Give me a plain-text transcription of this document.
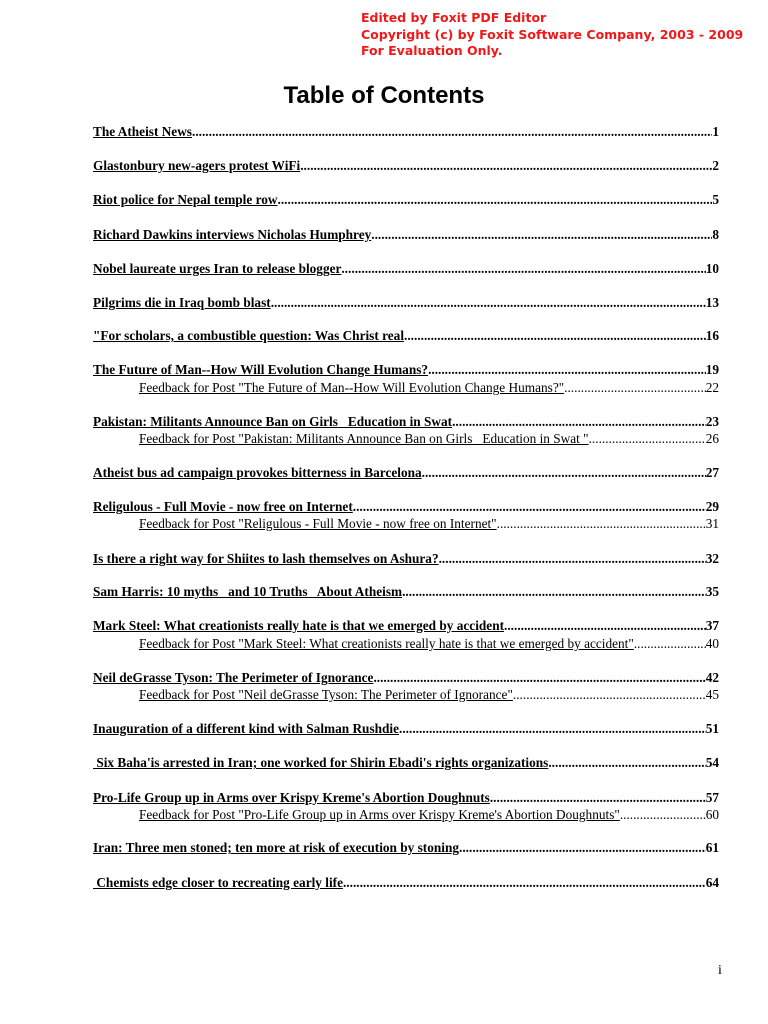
Edited by Foxit PDF Editor
Copyright (c) by Foxit Software Company, 2003 - 2009
For Evaluation Only.
Table of Contents
The Atheist News .....	1
Glastonbury new-agers protest WiFi .....	2
Riot police for Nepal temple row .....	5
Richard Dawkins interviews Nicholas Humphrey .....	8
Nobel laureate urges Iran to release blogger .....	10
Pilgrims die in Iraq bomb blast .....	13
"For scholars, a combustible question: Was Christ real .....	16
The Future of Man--How Will Evolution Change Humans? .....	19
Feedback for Post "The Future of Man--How Will Evolution Change Humans?" .....	22
Pakistan: Militants Announce Ban on Girls   Education in Swat .....	23
Feedback for Post "Pakistan: Militants Announce Ban on Girls   Education in Swat " .....	26
Atheist bus ad campaign provokes bitterness in Barcelona .....	27
Religulous - Full Movie - now free on Internet .....	29
Feedback for Post "Religulous - Full Movie - now free on Internet" .....	31
Is there a right way for Shiites to lash themselves on Ashura? .....	32
Sam Harris: 10 myths   and 10 Truths   About Atheism .....	35
Mark Steel: What creationists really hate is that we emerged by accident .....	37
Feedback for Post "Mark Steel: What creationists really hate is that we emerged by accident" .....	40
Neil deGrasse Tyson: The Perimeter of Ignorance .....	42
Feedback for Post "Neil deGrasse Tyson: The Perimeter of Ignorance" .....	45
Inauguration of a different kind with Salman Rushdie .....	51
Six Baha'is arrested in Iran; one worked for Shirin Ebadi's rights organizations .....	54
Pro-Life Group up in Arms over Krispy Kreme's Abortion Doughnuts .....	57
Feedback for Post "Pro-Life Group up in Arms over Krispy Kreme's Abortion Doughnuts" .....	60
Iran: Three men stoned; ten more at risk of execution by stoning .....	61
Chemists edge closer to recreating early life .....	64
i
